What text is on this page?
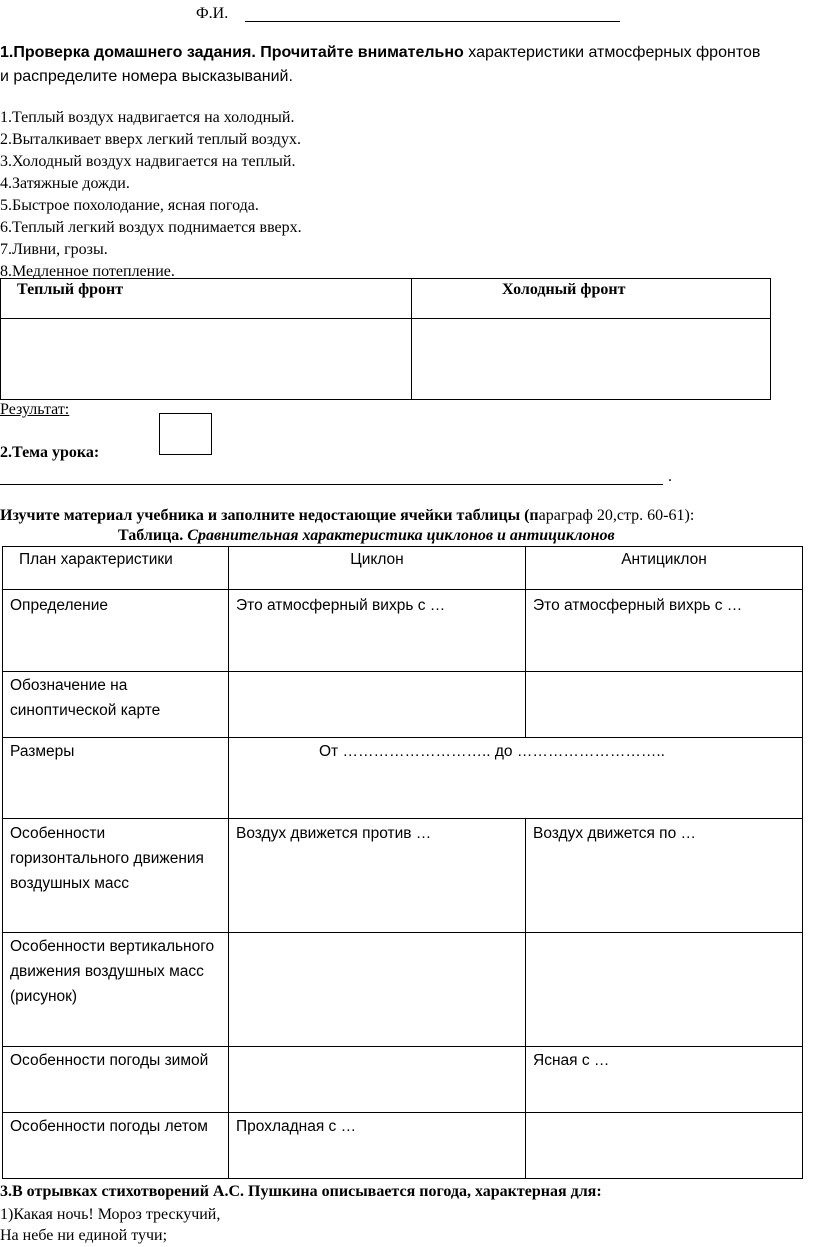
Ф.И.
1.Проверка домашнего задания. Прочитайте внимательно характеристики атмосферных фронтов
и распределите номера высказываний.
1.Теплый воздух надвигается на холодный.
2.Выталкивает вверх легкий теплый воздух.
3.Холодный воздух надвигается на теплый.
4.Затяжные дожди.
5.Быстрое похолодание, ясная погода.
6.Теплый легкий воздух поднимается вверх.
7.Ливни, грозы.
8.Медленное потепление.
Теплый фронт	Холодный фронт

Результат:
2.Тема урока:
.
Изучите материал учебника и заполните недостающие ячейки таблицы (параграф 20,стр. 60-61):
Таблица. Сравнительная характеристика циклонов и антициклонов
План характеристики	Циклон	Антициклон
Определение	Это атмосферный вихрь с …	Это атмосферный вихрь с …
Обозначение на синоптической карте		
Размеры	От ……………………….. до ………………………..	
Особенности горизонтального движения воздушных масс	Воздух движется против …	Воздух движется по …
Особенности вертикального движения воздушных масс (рисунок)		
Особенности погоды зимой		Ясная с …
Особенности погоды летом	Прохладная с …	
3.В отрывках стихотворений А.С. Пушкина описывается погода, характерная для:
1)Какая ночь! Мороз трескучий,
На небе ни единой тучи;
